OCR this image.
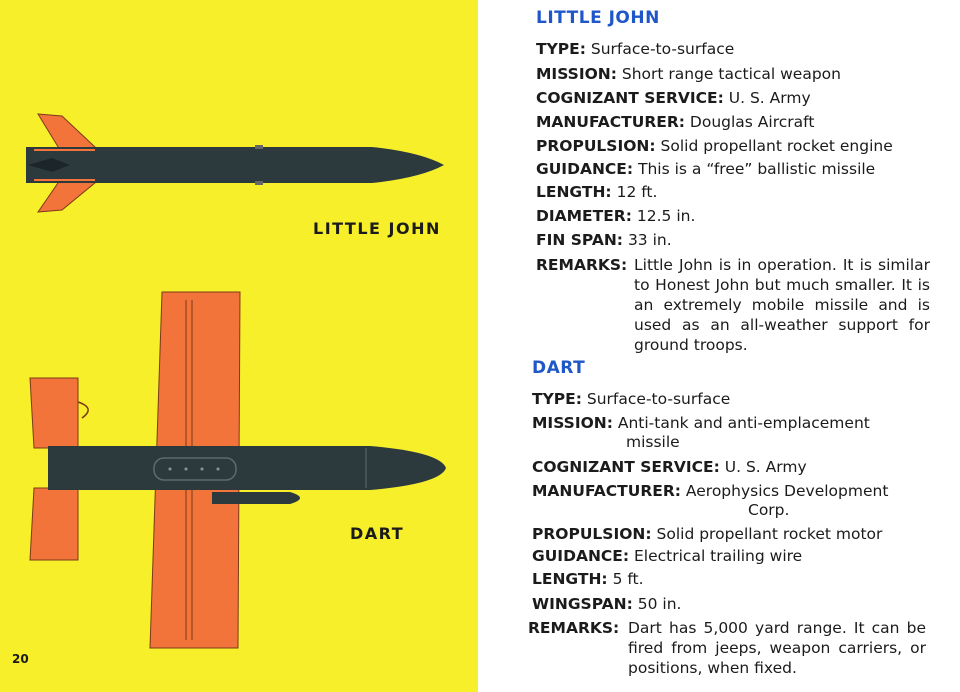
LITTLE JOHN
DART
20
LITTLE JOHN
TYPE: Surface-to-surface
MISSION: Short range tactical weapon
COGNIZANT SERVICE: U. S. Army
MANUFACTURER: Douglas Aircraft
PROPULSION: Solid propellant rocket engine
GUIDANCE: This is a “free” ballistic missile
LENGTH: 12 ft.
DIAMETER: 12.5 in.
FIN SPAN: 33 in.
REMARKS: Little John is in operation. It is similar to Honest John but much smaller. It is an extremely mobile missile and is used as an all-weather support for ground troops.
DART
TYPE: Surface-to-surface
MISSION: Anti-tank and anti-emplacement
missile
COGNIZANT SERVICE: U. S. Army
MANUFACTURER: Aerophysics Development
Corp.
PROPULSION: Solid propellant rocket motor
GUIDANCE: Electrical trailing wire
LENGTH: 5 ft.
WINGSPAN: 50 in.
REMARKS: Dart has 5,000 yard range. It can be fired from jeeps, weapon carriers, or positions, when fixed.
